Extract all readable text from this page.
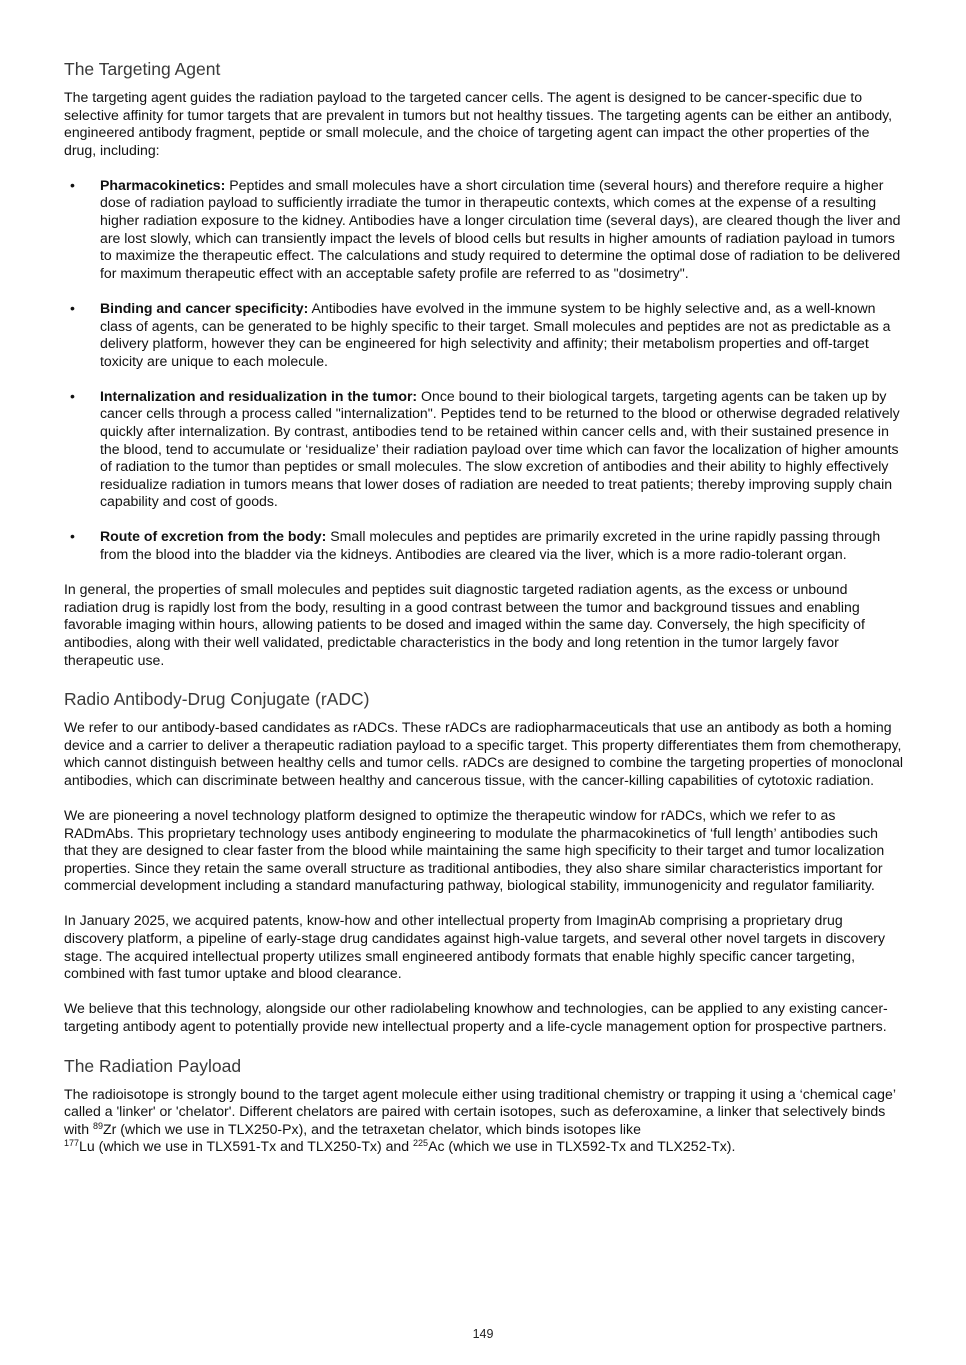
The Targeting Agent

The targeting agent guides the radiation payload to the targeted cancer cells. The agent is designed to be cancer-specific due to selective affinity for tumor targets that are prevalent in tumors but not healthy tissues. The targeting agents can be either an antibody, engineered antibody fragment, peptide or small molecule, and the choice of targeting agent can impact the other properties of the drug, including:

• Pharmacokinetics: Peptides and small molecules have a short circulation time (several hours) and therefore require a higher dose of radiation payload to sufficiently irradiate the tumor in therapeutic contexts, which comes at the expense of a resulting higher radiation exposure to the kidney. Antibodies have a longer circulation time (several days), are cleared though the liver and are lost slowly, which can transiently impact the levels of blood cells but results in higher amounts of radiation payload in tumors to maximize the therapeutic effect. The calculations and study required to determine the optimal dose of radiation to be delivered for maximum therapeutic effect with an acceptable safety profile are referred to as "dosimetry".
• Binding and cancer specificity: Antibodies have evolved in the immune system to be highly selective and, as a well-known class of agents, can be generated to be highly specific to their target. Small molecules and peptides are not as predictable as a delivery platform, however they can be engineered for high selectivity and affinity; their metabolism properties and off-target toxicity are unique to each molecule.
• Internalization and residualization in the tumor: Once bound to their biological targets, targeting agents can be taken up by cancer cells through a process called "internalization". Peptides tend to be returned to the blood or otherwise degraded relatively quickly after internalization. By contrast, antibodies tend to be retained within cancer cells and, with their sustained presence in the blood, tend to accumulate or ‘residualize’ their radiation payload over time which can favor the localization of higher amounts of radiation to the tumor than peptides or small molecules. The slow excretion of antibodies and their ability to highly effectively residualize radiation in tumors means that lower doses of radiation are needed to treat patients; thereby improving supply chain capability and cost of goods.
• Route of excretion from the body: Small molecules and peptides are primarily excreted in the urine rapidly passing through from the blood into the bladder via the kidneys. Antibodies are cleared via the liver, which is a more radio-tolerant organ.

In general, the properties of small molecules and peptides suit diagnostic targeted radiation agents, as the excess or unbound radiation drug is rapidly lost from the body, resulting in a good contrast between the tumor and background tissues and enabling favorable imaging within hours, allowing patients to be dosed and imaged within the same day. Conversely, the high specificity of antibodies, along with their well validated, predictable characteristics in the body and long retention in the tumor largely favor therapeutic use.

Radio Antibody-Drug Conjugate (rADC)

We refer to our antibody-based candidates as rADCs. These rADCs are radiopharmaceuticals that use an antibody as both a homing device and a carrier to deliver a therapeutic radiation payload to a specific target. This property differentiates them from chemotherapy, which cannot distinguish between healthy cells and tumor cells. rADCs are designed to combine the targeting properties of monoclonal antibodies, which can discriminate between healthy and cancerous tissue, with the cancer-killing capabilities of cytotoxic radiation.

We are pioneering a novel technology platform designed to optimize the therapeutic window for rADCs, which we refer to as RADmAbs. This proprietary technology uses antibody engineering to modulate the pharmacokinetics of ‘full length’ antibodies such that they are designed to clear faster from the blood while maintaining the same high specificity to their target and tumor localization properties. Since they retain the same overall structure as traditional antibodies, they also share similar characteristics important for commercial development including a standard manufacturing pathway, biological stability, immunogenicity and regulator familiarity.

In January 2025, we acquired patents, know-how and other intellectual property from ImaginAb comprising a proprietary drug discovery platform, a pipeline of early-stage drug candidates against high-value targets, and several other novel targets in discovery stage. The acquired intellectual property utilizes small engineered antibody formats that enable highly specific cancer targeting, combined with fast tumor uptake and blood clearance.

We believe that this technology, alongside our other radiolabeling knowhow and technologies, can be applied to any existing cancer-targeting antibody agent to potentially provide new intellectual property and a life-cycle management option for prospective partners.

The Radiation Payload

The radioisotope is strongly bound to the target agent molecule either using traditional chemistry or trapping it using a ‘chemical cage’ called a 'linker' or 'chelator'. Different chelators are paired with certain isotopes, such as deferoxamine, a linker that selectively binds with $^{89}$Zr (which we use in TLX250-Px), and the tetraxetan chelator, which binds isotopes like
$^{177}$Lu (which we use in TLX591-Tx and TLX250-Tx) and $^{225}$Ac (which we use in TLX592-Tx and TLX252-Tx).

149
